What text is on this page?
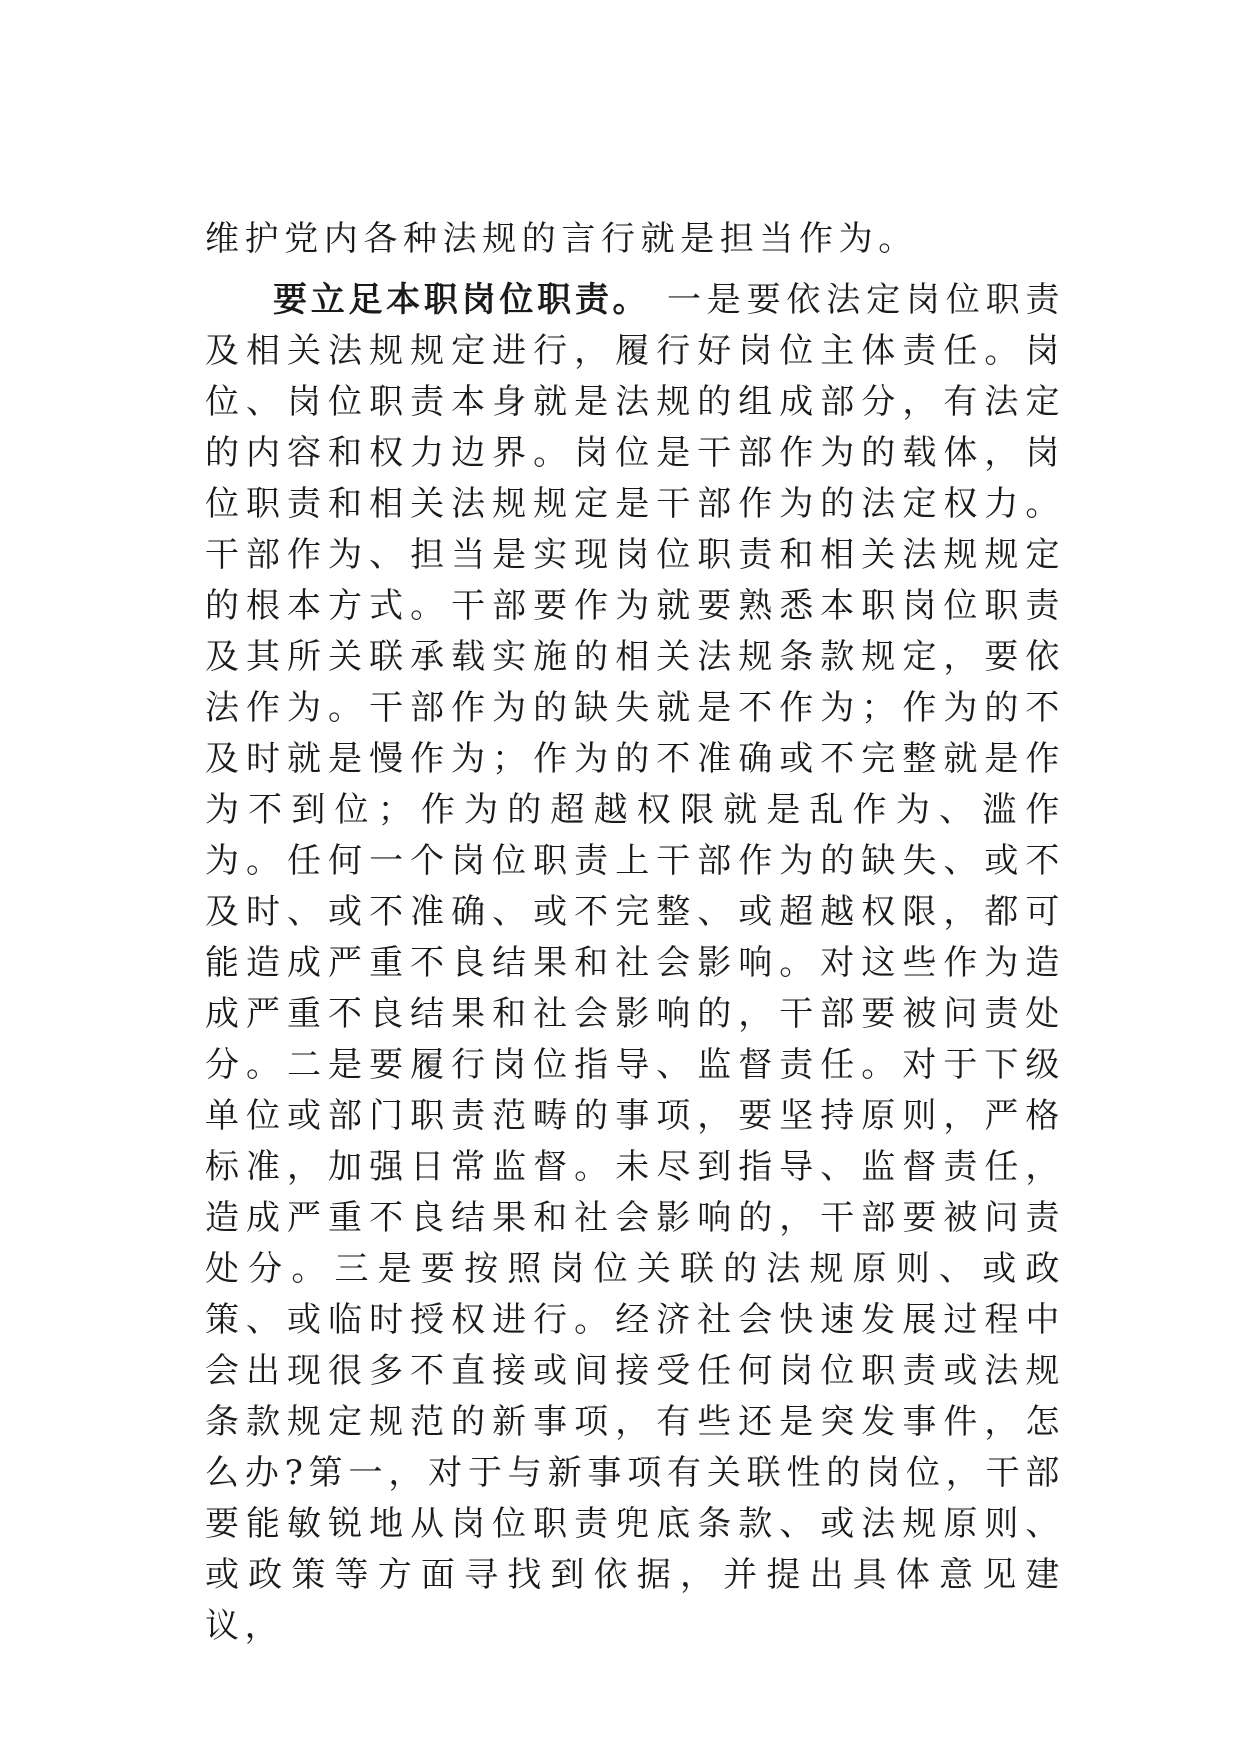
维护党内各种法规的言行就是担当作为。

要立足本职岗位职责。 一是要依法定岗位职责及相关法规规定进行，履行好岗位主体责任。岗位、岗位职责本身就是法规的组成部分，有法定的内容和权力边界。岗位是干部作为的载体，岗位职责和相关法规规定是干部作为的法定权力。干部作为、担当是实现岗位职责和相关法规规定的根本方式。干部要作为就要熟悉本职岗位职责及其所关联承载实施的相关法规条款规定，要依法作为。干部作为的缺失就是不作为；作为的不及时就是慢作为；作为的不准确或不完整就是作为不到位；作为的超越权限就是乱作为、滥作为。任何一个岗位职责上干部作为的缺失、或不及时、或不准确、或不完整、或超越权限，都可能造成严重不良结果和社会影响。对这些作为造成严重不良结果和社会影响的，干部要被问责处分。二是要履行岗位指导、监督责任。对于下级单位或部门职责范畴的事项，要坚持原则，严格标准，加强日常监督。未尽到指导、监督责任，造成严重不良结果和社会影响的，干部要被问责处分。三是要按照岗位关联的法规原则、或政策、或临时授权进行。经济社会快速发展过程中会出现很多不直接或间接受任何岗位职责或法规条款规定规范的新事项，有些还是突发事件，怎么办?第一，对于与新事项有关联性的岗位，干部要能敏锐地从岗位职责兜底条款、或法规原则、或政策等方面寻找到依据，并提出具体意见建议，
